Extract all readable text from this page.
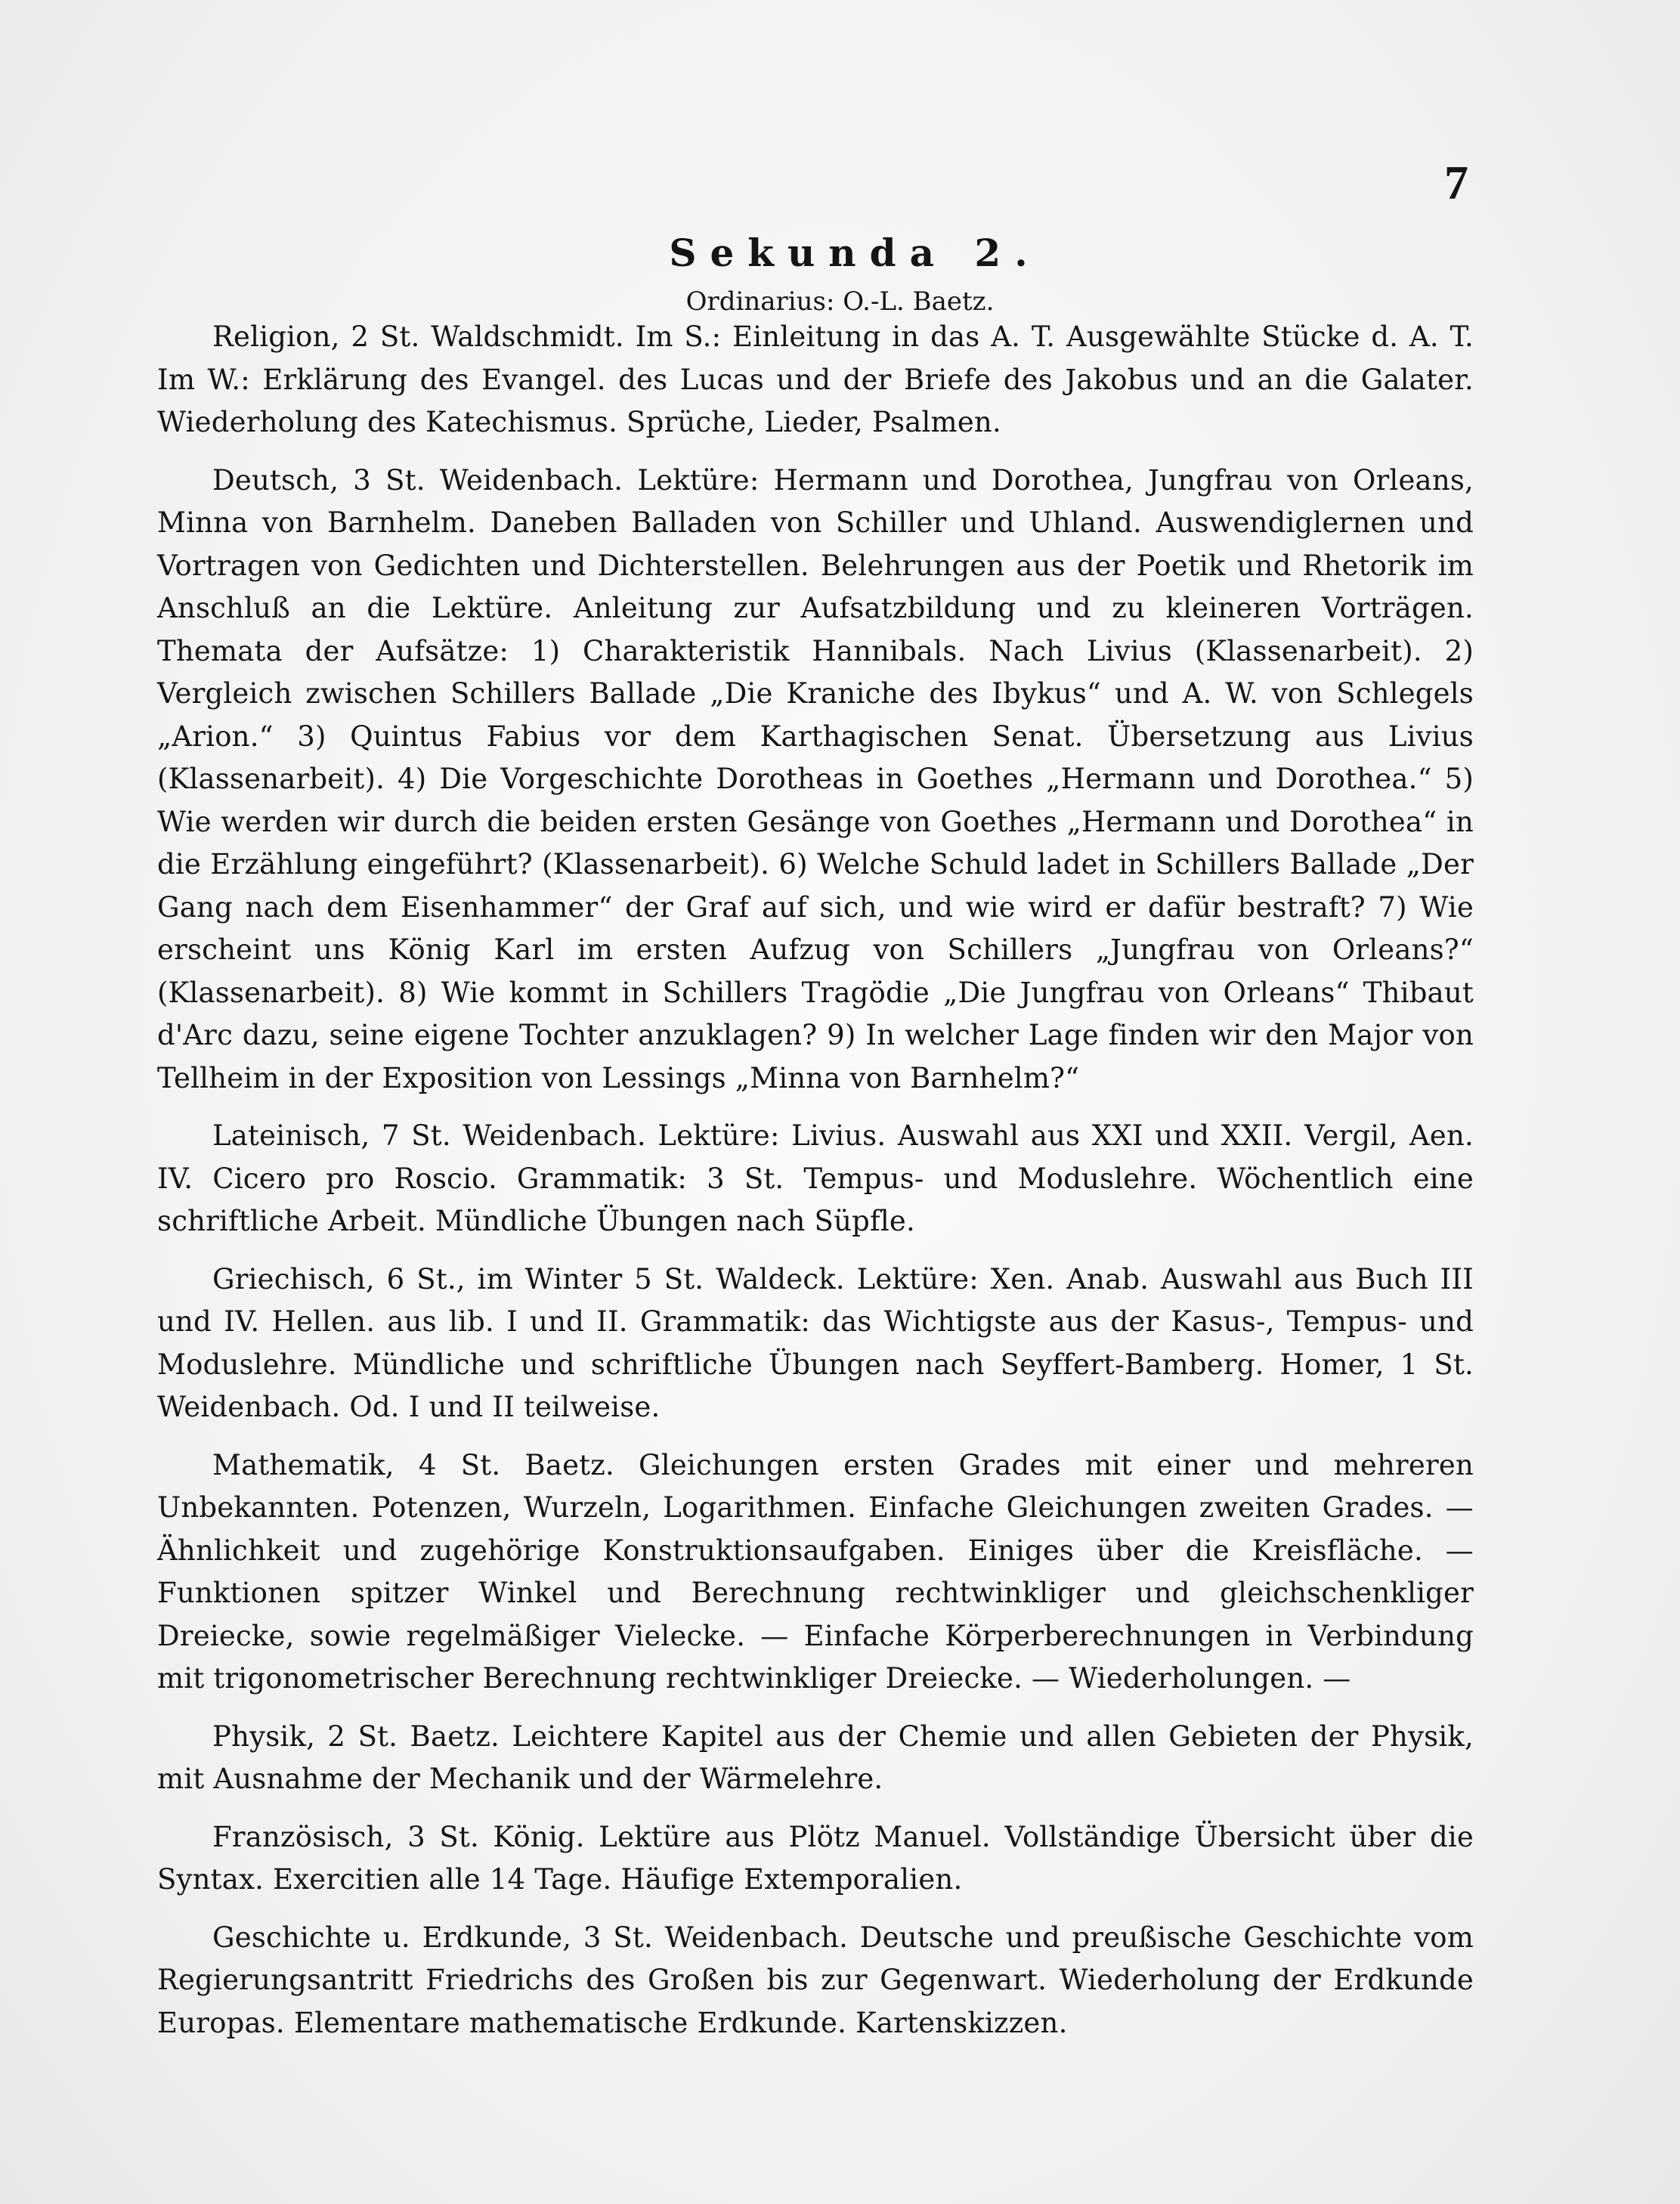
7
Sekunda 2.
Ordinarius: O.-L. Baetz.

Religion, 2 St. Waldschmidt. Im S.: Einleitung in das A. T. Ausgewählte Stücke d. A. T. Im W.: Erklärung des Evangel. des Lucas und der Briefe des Jakobus und an die Galater. Wiederholung des Katechismus. Sprüche, Lieder, Psalmen.

Deutsch, 3 St. Weidenbach. Lektüre: Hermann und Dorothea, Jungfrau von Orleans, Minna von Barnhelm. Daneben Balladen von Schiller und Uhland. Auswendiglernen und Vortragen von Gedichten und Dichterstellen. Belehrungen aus der Poetik und Rhetorik im Anschluß an die Lektüre. Anleitung zur Aufsatzbildung und zu kleineren Vorträgen. Themata der Aufsätze: 1) Charakteristik Hannibals. Nach Livius (Klassenarbeit). 2) Vergleich zwischen Schillers Ballade „Die Kraniche des Ibykus“ und A. W. von Schlegels „Arion.“ 3) Quintus Fabius vor dem Karthagischen Senat. Übersetzung aus Livius (Klassenarbeit). 4) Die Vorgeschichte Dorotheas in Goethes „Hermann und Dorothea.“ 5) Wie werden wir durch die beiden ersten Gesänge von Goethes „Hermann und Dorothea“ in die Erzählung eingeführt? (Klassenarbeit). 6) Welche Schuld ladet in Schillers Ballade „Der Gang nach dem Eisenhammer“ der Graf auf sich, und wie wird er dafür bestraft? 7) Wie erscheint uns König Karl im ersten Aufzug von Schillers „Jungfrau von Orleans?“ (Klassenarbeit). 8) Wie kommt in Schillers Tragödie „Die Jungfrau von Orleans“ Thibaut d'Arc dazu, seine eigene Tochter anzuklagen? 9) In welcher Lage finden wir den Major von Tellheim in der Exposition von Lessings „Minna von Barnhelm?“

Lateinisch, 7 St. Weidenbach. Lektüre: Livius. Auswahl aus XXI und XXII. Vergil, Aen. IV. Cicero pro Roscio. Grammatik: 3 St. Tempus- und Moduslehre. Wöchentlich eine schriftliche Arbeit. Mündliche Übungen nach Süpfle.

Griechisch, 6 St., im Winter 5 St. Waldeck. Lektüre: Xen. Anab. Auswahl aus Buch III und IV. Hellen. aus lib. I und II. Grammatik: das Wichtigste aus der Kasus-, Tempus- und Moduslehre. Mündliche und schriftliche Übungen nach Seyffert-Bamberg. Homer, 1 St. Weidenbach. Od. I und II teilweise.

Mathematik, 4 St. Baetz. Gleichungen ersten Grades mit einer und mehreren Unbekannten. Potenzen, Wurzeln, Logarithmen. Einfache Gleichungen zweiten Grades. — Ähnlichkeit und zugehörige Konstruktionsaufgaben. Einiges über die Kreisfläche. — Funktionen spitzer Winkel und Berechnung rechtwinkliger und gleichschenkliger Dreiecke, sowie regelmäßiger Vielecke. — Einfache Körperberechnungen in Verbindung mit trigonometrischer Berechnung rechtwinkliger Dreiecke. — Wiederholungen. —

Physik, 2 St. Baetz. Leichtere Kapitel aus der Chemie und allen Gebieten der Physik, mit Ausnahme der Mechanik und der Wärmelehre.

Französisch, 3 St. König. Lektüre aus Plötz Manuel. Vollständige Übersicht über die Syntax. Exercitien alle 14 Tage. Häufige Extemporalien.

Geschichte u. Erdkunde, 3 St. Weidenbach. Deutsche und preußische Geschichte vom Regierungsantritt Friedrichs des Großen bis zur Gegenwart. Wiederholung der Erdkunde Europas. Elementare mathematische Erdkunde. Kartenskizzen.
